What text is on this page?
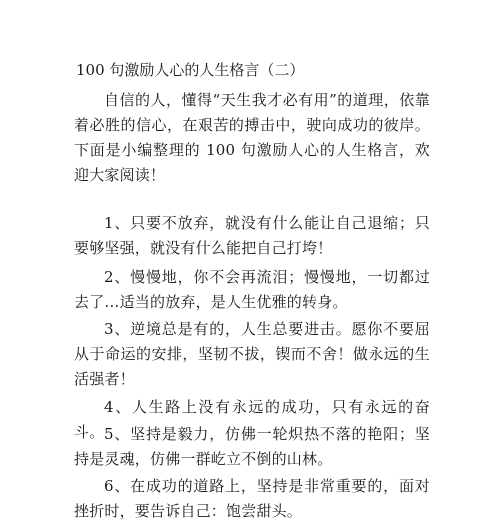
100 句激励人心的人生格言（二）
自信的人，懂得“天生我才必有用”的道理，依靠着必胜的信心，在艰苦的搏击中，驶向成功的彼岸。下面是小编整理的 100 句激励人心的人生格言，欢迎大家阅读！
1、只要不放弃，就没有什么能让自己退缩；只要够坚强，就没有什么能把自己打垮！
2、慢慢地，你不会再流泪；慢慢地，一切都过去了…适当的放弃，是人生优雅的转身。
3、逆境总是有的，人生总要进击。愿你不要屈从于命运的安排，坚韧不拔，锲而不舍！做永远的生活强者！
4、人生路上没有永远的成功，只有永远的奋斗。 5、坚持是毅力，仿佛一轮炽热不落的艳阳；坚持是灵魂，仿佛一群屹立不倒的山林。
6、在成功的道路上，坚持是非常重要的，面对挫折时，要告诉自己：饱尝甜头。
